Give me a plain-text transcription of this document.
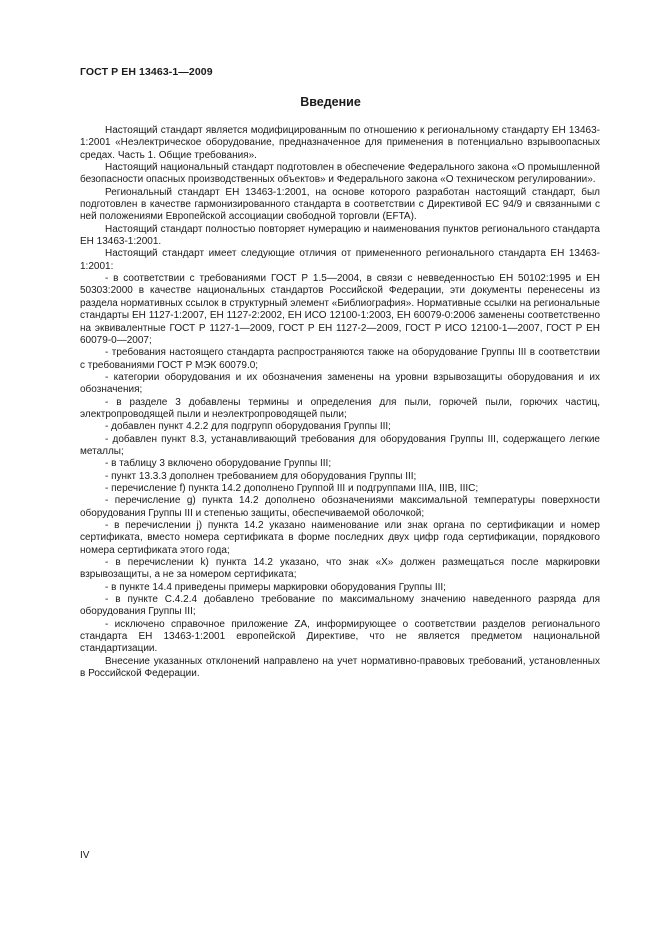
ГОСТ Р ЕН 13463-1—2009
Введение

Настоящий стандарт является модифицированным по отношению к региональному стандарту ЕН 13463-1:2001 «Неэлектрическое оборудование, предназначенное для применения в потенциально взрывоопасных средах. Часть 1. Общие требования».

Настоящий национальный стандарт подготовлен в обеспечение Федерального закона «О промышленной безопасности опасных производственных объектов» и Федерального закона «О техническом регулировании».

Региональный стандарт ЕН 13463-1:2001, на основе которого разработан настоящий стандарт, был подготовлен в качестве гармонизированного стандарта в соответствии с Директивой ЕС 94/9 и связанными с ней положениями Европейской ассоциации свободной торговли (EFTA).

Настоящий стандарт полностью повторяет нумерацию и наименования пунктов регионального стандарта ЕН 13463-1:2001.

Настоящий стандарт имеет следующие отличия от примененного регионального стандарта ЕН 13463-1:2001:

- в соответствии с требованиями ГОСТ Р 1.5—2004, в связи с невведенностью ЕН 50102:1995 и ЕН 50303:2000 в качестве национальных стандартов Российской Федерации, эти документы перенесены из раздела нормативных ссылок в структурный элемент «Библиография». Нормативные ссылки на региональные стандарты ЕН 1127-1:2007, ЕН 1127-2:2002, ЕН ИСО 12100-1:2003, ЕН 60079-0:2006 заменены соответственно на эквивалентные ГОСТ Р 1127-1—2009, ГОСТ Р ЕН 1127-2—2009, ГОСТ Р ИСО 12100-1—2007, ГОСТ Р ЕН 60079-0—2007;

- требования настоящего стандарта распространяются также на оборудование Группы III в соответствии с требованиями ГОСТ Р МЭК 60079.0;

- категории оборудования и их обозначения заменены на уровни взрывозащиты оборудования и их обозначения;

- в разделе 3 добавлены термины и определения для пыли, горючей пыли, горючих частиц, электропроводящей пыли и неэлектропроводящей пыли;

- добавлен пункт 4.2.2 для подгрупп оборудования Группы III;

- добавлен пункт 8.3, устанавливающий требования для оборудования Группы III, содержащего легкие металлы;

- в таблицу 3 включено оборудование Группы III;

- пункт 13.3.3 дополнен требованием для оборудования Группы III;

- перечисление f) пункта 14.2 дополнено Группой III и подгруппами IIIA, IIIB, IIIC;

- перечисление g) пункта 14.2 дополнено обозначениями максимальной температуры поверхности оборудования Группы III и степенью защиты, обеспечиваемой оболочкой;

- в перечислении j) пункта 14.2 указано наименование или знак органа по сертификации и номер сертификата, вместо номера сертификата в форме последних двух цифр года сертификации, порядкового номера сертификата этого года;

- в перечислении k) пункта 14.2 указано, что знак «X» должен размещаться после маркировки взрывозащиты, а не за номером сертификата;

- в пункте 14.4 приведены примеры маркировки оборудования Группы III;

- в пункте С.4.2.4 добавлено требование по максимальному значению наведенного разряда для оборудования Группы III;

- исключено справочное приложение ZA, информирующее о соответствии разделов регионального стандарта ЕН 13463-1:2001 европейской Директиве, что не является предметом национальной стандартизации.

Внесение указанных отклонений направлено на учет нормативно-правовых требований, установленных в Российской Федерации.

IV
